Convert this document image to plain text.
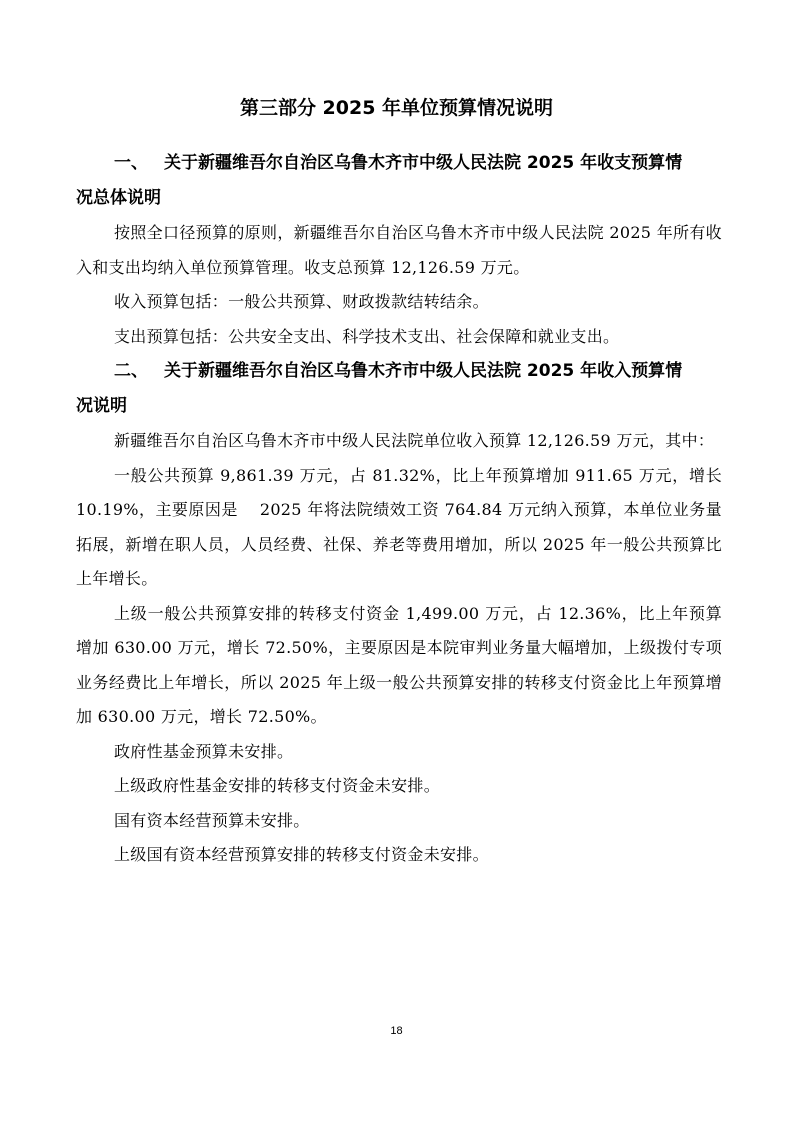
第三部分 2025 年单位预算情况说明
一、 关于新疆维吾尔自治区乌鲁木齐市中级人民法院 2025 年收支预算情
况总体说明

按照全口径预算的原则，新疆维吾尔自治区乌鲁木齐市中级人民法院 2025 年所有收入和支出均纳入单位预算管理。收支总预算 12,126.59 万元。

收入预算包括：一般公共预算、财政拨款结转结余。

支出预算包括：公共安全支出、科学技术支出、社会保障和就业支出。

二、 关于新疆维吾尔自治区乌鲁木齐市中级人民法院 2025 年收入预算情
况说明

新疆维吾尔自治区乌鲁木齐市中级人民法院单位收入预算 12,126.59 万元，其中：

一般公共预算 9,861.39 万元，占 81.32%，比上年预算增加 911.65 万元，增长 10.19%，主要原因是　 2025 年将法院绩效工资 764.84 万元纳入预算，本单位业务量拓展，新增在职人员，人员经费、社保、养老等费用增加，所以 2025 年一般公共预算比上年增长。

上级一般公共预算安排的转移支付资金 1,499.00 万元，占 12.36%，比上年预算增加 630.00 万元，增长 72.50%，主要原因是本院审判业务量大幅增加，上级拨付专项业务经费比上年增长，所以 2025 年上级一般公共预算安排的转移支付资金比上年预算增加 630.00 万元，增长 72.50%。

政府性基金预算未安排。

上级政府性基金安排的转移支付资金未安排。

国有资本经营预算未安排。

上级国有资本经营预算安排的转移支付资金未安排。

18
